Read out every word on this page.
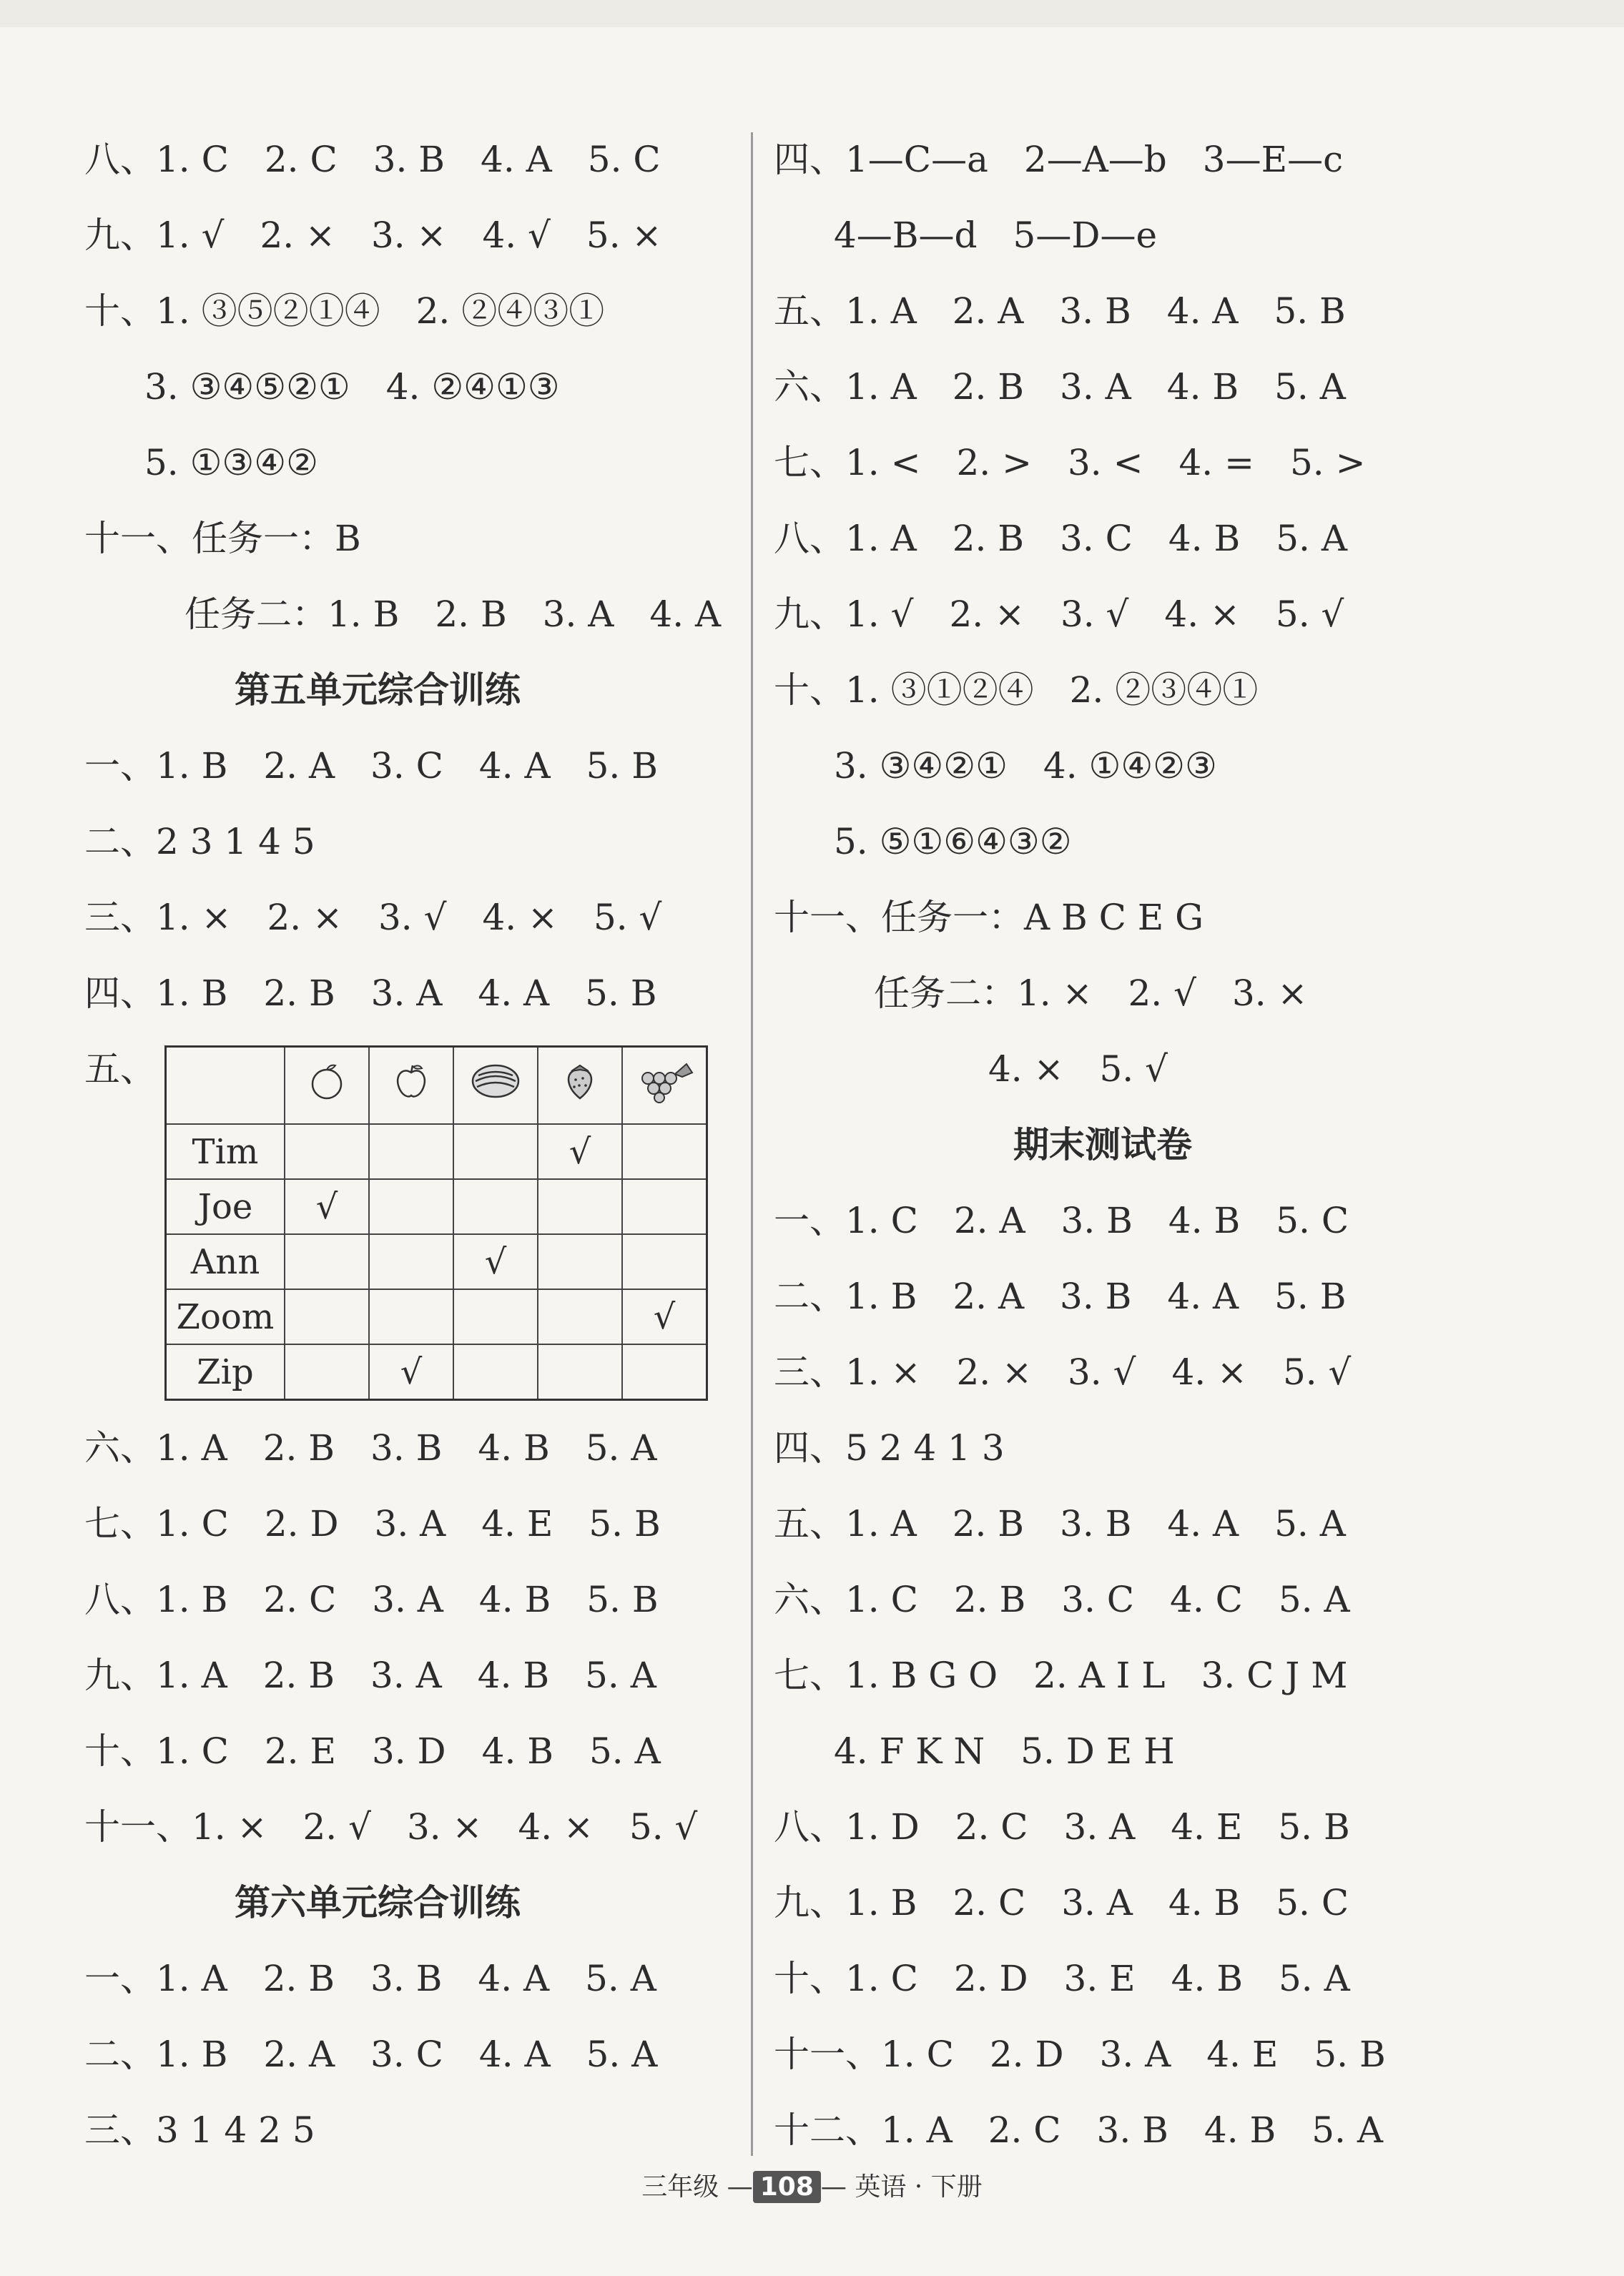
八、1. C　2. C　3. B　4. A　5. C
九、1. √　2. ×　3. ×　4. √　5. ×
十、1. ③⑤②①④　2. ②④③①
3. ③④⑤②①　4. ②④①③
5. ①③④②
十一、任务一：B
任务二：1. B　2. B　3. A　4. A
第五单元综合训练
一、1. B　2. A　3. C　4. A　5. B
二、2 3 1 4 5
三、1. ×　2. ×　3. √　4. ×　5. √
四、1. B　2. B　3. A　4. A　5. B
五、

Tim				√	
Joe	√				
Ann			√		
Zoom					√
Zip		√			
六、1. A　2. B　3. B　4. B　5. A
七、1. C　2. D　3. A　4. E　5. B
八、1. B　2. C　3. A　4. B　5. B
九、1. A　2. B　3. A　4. B　5. A
十、1. C　2. E　3. D　4. B　5. A
十一、1. ×　2. √　3. ×　4. ×　5. √
第六单元综合训练
一、1. A　2. B　3. B　4. A　5. A
二、1. B　2. A　3. C　4. A　5. A
三、3 1 4 2 5
四、1—C—a　2—A—b　3—E—c
4—B—d　5—D—e
五、1. A　2. A　3. B　4. A　5. B
六、1. A　2. B　3. A　4. B　5. A
七、1. <　2. >　3. <　4. =　5. >
八、1. A　2. B　3. C　4. B　5. A
九、1. √　2. ×　3. √　4. ×　5. √
十、1. ③①②④　2. ②③④①
3. ③④②①　4. ①④②③
5. ⑤①⑥④③②
十一、任务一：A B C E G
任务二：1. ×　2. √　3. ×
4. ×　5. √
期末测试卷
一、1. C　2. A　3. B　4. B　5. C
二、1. B　2. A　3. B　4. A　5. B
三、1. ×　2. ×　3. √　4. ×　5. √
四、5 2 4 1 3
五、1. A　2. B　3. B　4. A　5. A
六、1. C　2. B　3. C　4. C　5. A
七、1. B G O　2. A I L　3. C J M
4. F K N　5. D E H
八、1. D　2. C　3. A　4. E　5. B
九、1. B　2. C　3. A　4. B　5. C
十、1. C　2. D　3. E　4. B　5. A
十一、1. C　2. D　3. A　4. E　5. B
十二、1. A　2. C　3. B　4. B　5. A
三年级 — 108 — 英语 · 下册
